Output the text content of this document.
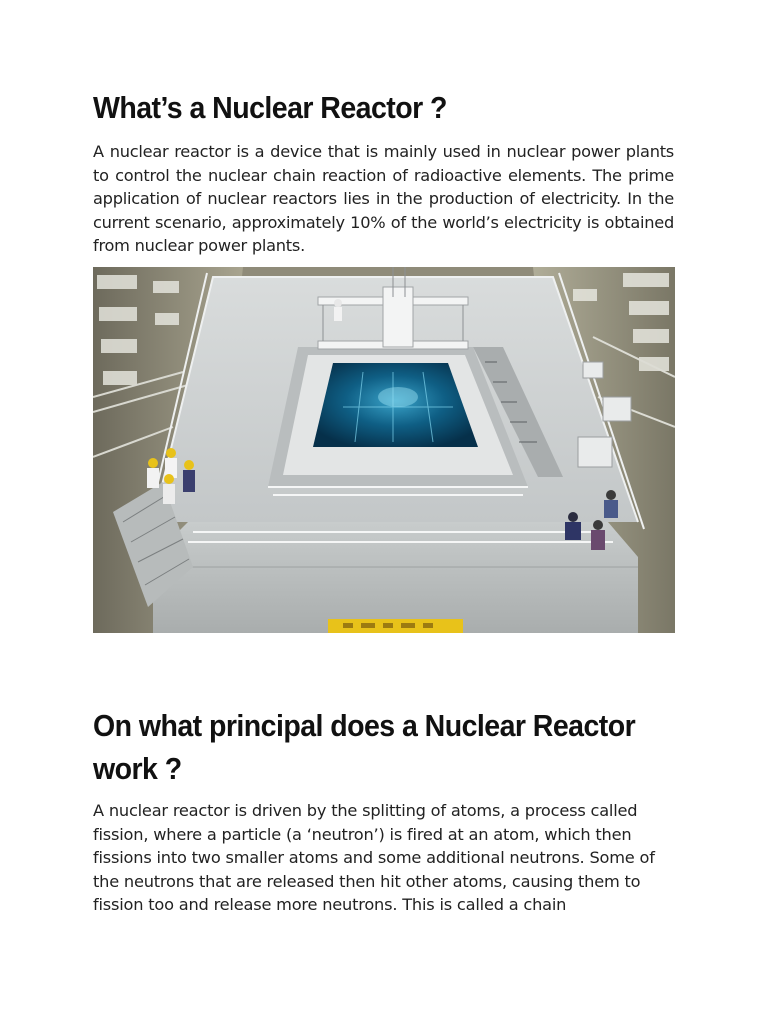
What’s a Nuclear Reactor ?

A nuclear reactor is a device that is mainly used in nuclear power plants to control the nuclear chain reaction of radioactive elements. The prime application of nuclear reactors lies in the production of electricity. In the current scenario, approximately 10% of the world’s electricity is obtained from nuclear power plants.

On what principal does a Nuclear Reactor work ?

A nuclear reactor is driven by the splitting of atoms, a process called fission, where a particle (a ‘neutron’) is fired at an atom, which then fissions into two smaller atoms and some additional neutrons. Some of the neutrons that are released then hit other atoms, causing them to fission too and release more neutrons. This is called a chain
